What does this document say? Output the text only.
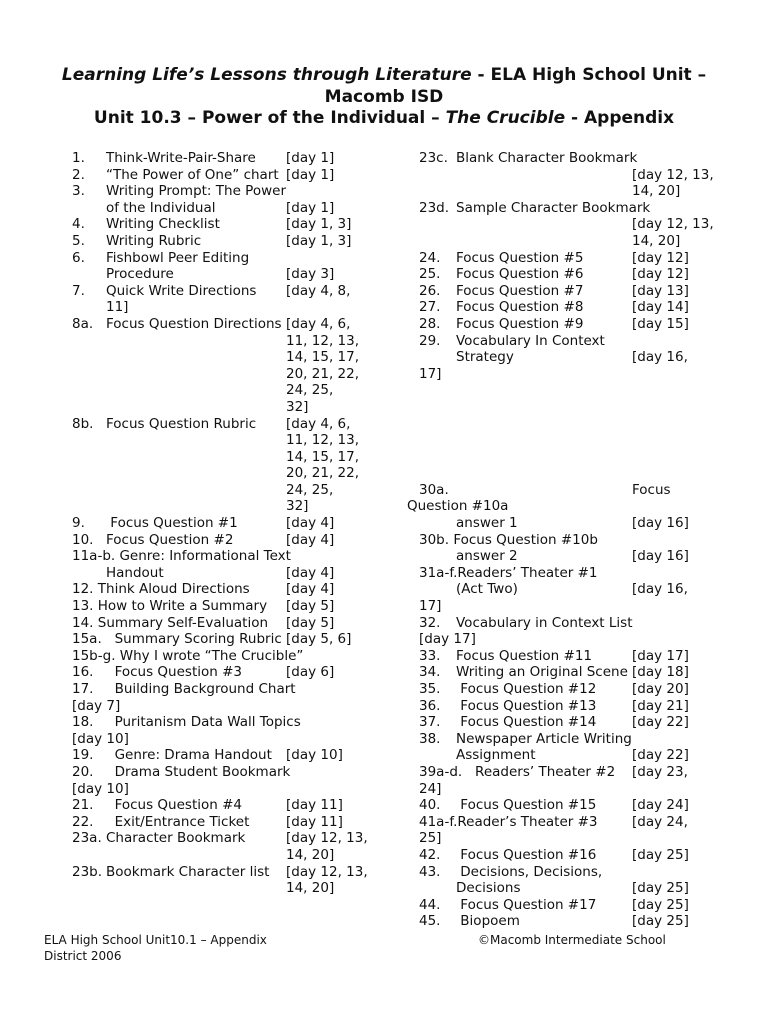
Learning Life’s Lessons through Literature - ELA High School Unit –
Macomb ISD
Unit 10.3 – Power of the Individual – The Crucible - Appendix
1.	Think-Write-Pair-Share	[day 1]
2.	“The Power of One” chart [day 1]
3.	Writing Prompt: The Power
of the Individual	[day 1]
4.	Writing Checklist	[day 1, 3]
5.	Writing Rubric	[day 1, 3]
6.	Fishbowl Peer Editing
Procedure	[day 3]
7.	Quick Write Directions	[day 4, 8,
11]
8a. Focus Question Directions [day 4, 6,
11, 12, 13,
14, 15, 17,
20, 21, 22,
24, 25,
32]
8b. Focus Question Rubric	[day 4, 6,
11, 12, 13,
14, 15, 17,
20, 21, 22,
24, 25,
32]
9.	Focus Question #1	[day 4]
10. Focus Question #2	[day 4]
11a-b. Genre: Informational Text
Handout	[day 4]
12. Think Aloud Directions	[day 4]
13. How to Write a Summary	[day 5]
14. Summary Self-Evaluation	[day 5]
15a.   Summary Scoring Rubric [day 5, 6]
15b-g. Why I wrote “The Crucible”
16. Focus Question #3	[day 6]
17. Building Background Chart
[day 7]
18. Puritanism Data Wall Topics
[day 10]
19. Genre: Drama Handout	[day 10]
20. Drama Student Bookmark
[day 10]
21. Focus Question #4	[day 11]
22. Exit/Entrance Ticket	[day 11]
23a. Character Bookmark	[day 12, 13,
14, 20]
23b. Bookmark Character list	[day 12, 13,
14, 20]
23c. Blank Character Bookmark
[day 12, 13,
14, 20]
23d. Sample Character Bookmark
[day 12, 13,
14, 20]
24.	Focus Question #5	[day 12]
25.	Focus Question #6	[day 12]
26.	Focus Question #7	[day 13]
27.	Focus Question #8	[day 14]
28.	Focus Question #9	[day 15]
29.	Vocabulary In Context
Strategy	[day 16,
17]
30a.	Focus
Question #10a
answer 1	[day 16]
30b. Focus Question #10b
answer 2	[day 16]
31a-f.Readers’ Theater #1
(Act Two)	[day 16,
17]
32.	Vocabulary in Context List
[day 17]
33.	Focus Question #11	[day 17]
34.	Writing an Original Scene [day 18]
35.	Focus Question #12	[day 20]
36.	Focus Question #13	[day 21]
37.	Focus Question #14	[day 22]
38.	Newspaper Article Writing
Assignment	[day 22]
39a-d.   Readers’ Theater #2	[day 23,
24]
40.	Focus Question #15	[day 24]
41a-f.Reader’s Theater #3	[day 24,
25]
42.	Focus Question #16	[day 25]
43.	Decisions, Decisions,
Decisions	[day 25]
44.	Focus Question #17	[day 25]
45.	Biopoem	[day 25]
ELA High School Unit10.1 – Appendix
District 2006
©Macomb Intermediate School
